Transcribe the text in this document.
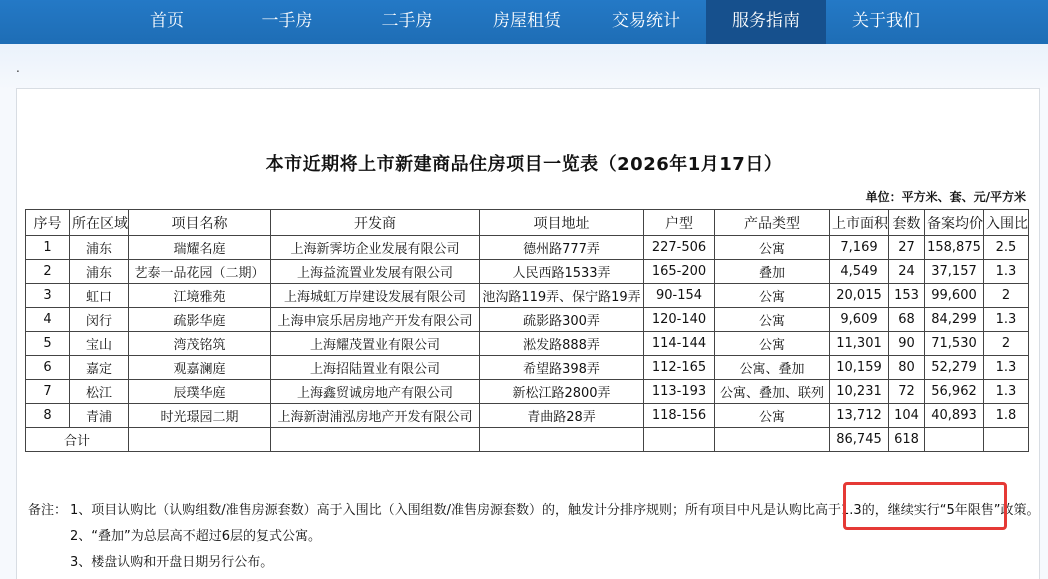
首页	一手房	二手房	房屋租赁	交易统计	服务指南	关于我们
.
本市近期将上市新建商品住房项目一览表（2026年1月17日）
单位：平方米、套、元/平方米
序号	所在区域	项目名称	开发商	项目地址	户型	产品类型	上市面积	套数	备案均价	入围比
1	浦东	瑞耀名庭	上海新霁坊企业发展有限公司	德州路777弄	227-506	公寓	7,169	27	158,875	2.5
2	浦东	艺泰一品花园（二期）	上海益流置业发展有限公司	人民西路1533弄	165-200	叠加	4,549	24	37,157	1.3
3	虹口	江境雅苑	上海城虹万岸建设发展有限公司	池沟路119弄、保宁路19弄	90-154	公寓	20,015	153	99,600	2
4	闵行	疏影华庭	上海申宸乐居房地产开发有限公司	疏影路300弄	120-140	公寓	9,609	68	84,299	1.3
5	宝山	湾茂铭筑	上海耀茂置业有限公司	淞发路888弄	114-144	公寓	11,301	90	71,530	2
6	嘉定	观嘉澜庭	上海招陆置业有限公司	希望路398弄	112-165	公寓、叠加	10,159	80	52,279	1.3
7	松江	辰璞华庭	上海鑫贸诚房地产有限公司	新松江路2800弄	113-193	公寓、叠加、联列	10,231	72	56,962	1.3
8	青浦	时光璟园二期	上海新澍浦泓房地产开发有限公司	青曲路28弄	118-156	公寓	13,712	104	40,893	1.8
合计							86,745	618		
备注： 1、项目认购比（认购组数/准售房源套数）高于入围比（入围组数/准售房源套数）的，触发计分排序规则；所有项目中凡是认购比高于1.3的，继续实行“5年限售”政策。
2、“叠加”为总层高不超过6层的复式公寓。
3、楼盘认购和开盘日期另行公布。
